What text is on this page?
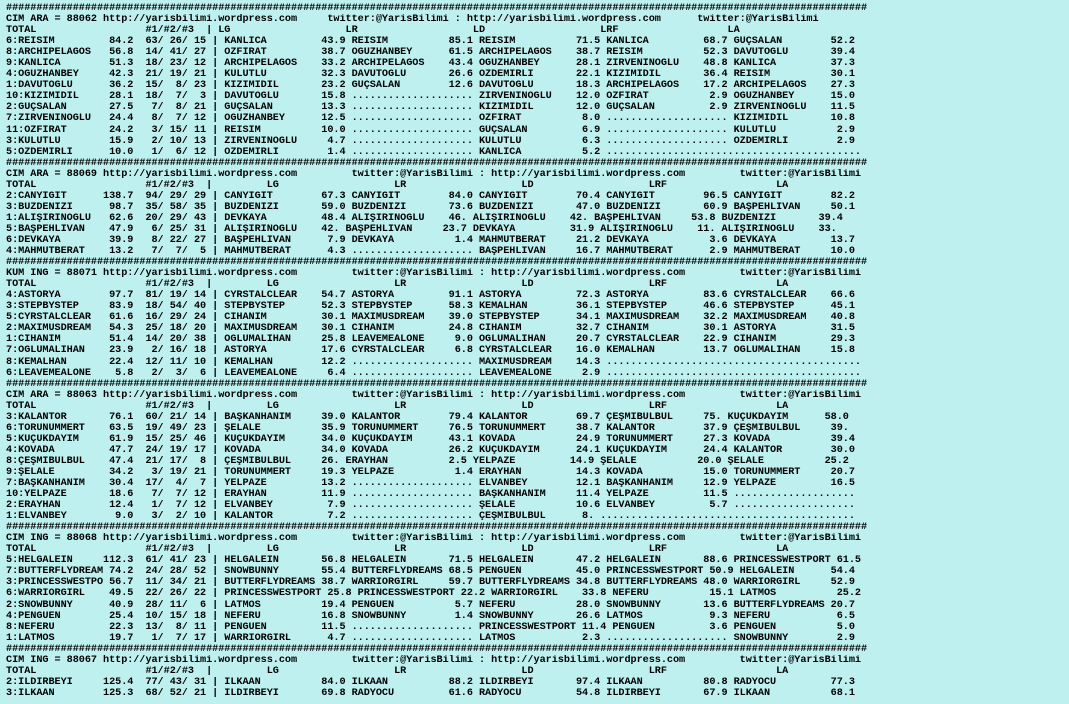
##############################################################################################################################################
CIM ARA = 88062 http://yarisbilimi.wordpress.com     twitter:@YarisBilimi : http://yarisbilimi.wordpress.com      twitter:@YarisBilimi
TOTAL                  #1/#2/#3  | LG                   LR                   LD                   LRF                  LA
6:REISİM         84.2  63/ 26/ 15 | KANLICA         43.9 REISİM          85.1 REISİM          71.5 KANLICA         68.7 GÜÇSALAN        52.2
8:ARCHIPELAGOS   56.8  14/ 41/ 27 | ÖZFIRAT         38.7 OĞUZHANBEY      61.5 ARCHIPELAGOS    38.7 REISİM          52.3 DAVUTOĞLU       39.4
9:KANLICA        51.3  18/ 23/ 12 | ARCHIPELAGOS    33.2 ARCHIPELAGOS    43.4 OĞUZHANBEY      28.1 ZİRVENİNOĞLU    48.8 KANLICA         37.3
4:OĞUZHANBEY     42.3  21/ 19/ 21 | KULUTLU         32.3 DAVUTOĞLU       26.6 ÖZDEMİRLİ       22.1 KIZIMIDIL       36.4 REISİM          30.1
1:DAVUTOĞLU      36.2  15/  8/ 23 | KIZIMIDIL       23.2 GÜÇSALAN        12.6 DAVUTOĞLU       18.3 ARCHIPELAGOS    17.2 ARCHIPELAGOS    27.3
10:KIZIMIDIL     28.1  18/  7/  3 | DAVUTOĞLU       15.8 .................... ZİRVENİNOĞLU    12.0 ÖZFIRAT          2.9 OĞUZHANBEY      15.0
2:GÜÇSALAN       27.5   7/  8/ 21 | GÜÇSALAN        13.3 .................... KIZIMIDIL       12.0 GÜÇSALAN         2.9 ZİRVENİNOĞLU    11.5
7:ZİRVENİNOĞLU   24.4   8/  7/ 12 | OĞUZHANBEY      12.5 .................... ÖZFIRAT          8.0 .................... KIZIMIDIL       10.8
11:ÖZFIRAT       24.2   3/ 15/ 11 | REISİM          10.0 .................... GÜÇSALAN         6.9 .................... KULUTLU          2.9
3:KULUTLU        15.9   2/ 10/ 13 | ZİRVENİNOĞLU     4.7 .................... KULUTLU          6.3 .................... ÖZDEMİRLİ        2.9
5:ÖZDEMİRLİ      10.0   1/  6/ 12 | ÖZDEMİRLİ        1.4 .................... KANLICA          5.2 ..........................................
##############################################################################################################################################
CIM ARA = 88069 http://yarisbilimi.wordpress.com         twitter:@YarisBilimi : http://yarisbilimi.wordpress.com         twitter:@YarisBilimi
TOTAL                  #1/#2/#3  |         LG                   LR                   LD                   LRF                  LA
2:CANYIĞIT      138.7  94/ 29/ 29 | CANYIĞIT        67.3 CANYIĞIT        84.0 CANYIĞIT        70.4 CANYIĞIT        96.5 CANYIĞIT        82.2
3:BUZDENİZİ      98.7  35/ 58/ 35 | BUZDENİZİ       59.0 BUZDENİZİ       73.6 BUZDENİZİ       47.0 BUZDENİZİ       60.9 BAŞPEHLİVAN     50.1
1:ALİŞİRİNOĞLU   62.6  20/ 29/ 43 | DEVKAYA         48.4 ALİŞİRİNOĞLU    46. ALİŞİRİNOĞLU    42. BAŞPEHLİVAN     53.8 BUZDENİZİ       39.4
5:BAŞPEHLİVAN    47.9   6/ 25/ 31 | ALİŞİRİNOĞLU    42. BAŞPEHLİVAN     23.7 DEVKAYA         31.9 ALİŞİRİNOĞLU    11. ALİŞİRİNOĞLU    33.
6:DEVKAYA        39.9   8/ 22/ 27 | BAŞPEHLİVAN      7.9 DEVKAYA          1.4 MAHMUTBERAT     21.2 DEVKAYA          3.6 DEVKAYA         13.7
4:MAHMUTBERAT    13.2   7/  7/  5 | MAHMUTBERAT      4.3 .................... BAŞPEHLİVAN     16.7 MAHMUTBERAT      2.9 MAHMUTBERAT     10.0
##############################################################################################################################################
KUM ING = 88071 http://yarisbilimi.wordpress.com         twitter:@YarisBilimi : http://yarisbilimi.wordpress.com         twitter:@YarisBilimi
TOTAL                  #1/#2/#3  |         LG                   LR                   LD                   LRF                  LA
4:ASTORYA        97.7  81/ 19/ 14 | CYRSTALCLEAR    54.7 ASTORYA         91.1 ASTORYA         72.3 ASTORYA         83.6 CYRSTALCLEAR    66.6
3:STEPBYSTEP     83.9  18/ 54/ 40 | STEPBYSTEP      52.3 STEPBYSTEP      58.3 KEMALHAN        36.1 STEPBYSTEP      46.6 STEPBYSTEP      45.1
5:CYRSTALCLEAR   61.6  16/ 29/ 24 | CİHANIM         30.1 MAXIMUSDREAM    39.0 STEPBYSTEP      34.1 MAXIMUSDREAM    32.2 MAXIMUSDREAM    40.8
2:MAXIMUSDREAM   54.3  25/ 18/ 20 | MAXIMUSDREAM    30.1 CİHANIM         24.8 CİHANIM         32.7 CİHANIM         30.1 ASTORYA         31.5
1:CİHANIM        51.4  14/ 20/ 38 | OĞLUMALİHAN     25.8 LEAVEMEALONE     9.0 OĞLUMALİHAN     20.7 CYRSTALCLEAR    22.9 CİHANIM         29.3
7:OĞLUMALİHAN    23.9   2/ 16/ 18 | ASTORYA         17.6 CYRSTALCLEAR     6.8 CYRSTALCLEAR    16.0 KEMALHAN        13.7 OĞLUMALİHAN     15.8
8:KEMALHAN       22.4  12/ 11/ 10 | KEMALHAN        12.2 .................... MAXIMUSDREAM    14.3 ..........................................
6:LEAVEMEALONE    5.8   2/  3/  6 | LEAVEMEALONE     6.4 .................... LEAVEMEALONE     2.9 ..........................................
##############################################################################################################################################
CIM ARA = 88063 http://yarisbilimi.wordpress.com         twitter:@YarisBilimi : http://yarisbilimi.wordpress.com         twitter:@YarisBilimi
TOTAL                  #1/#2/#3  |         LG                   LR                   LD                   LRF                  LA
3:KALANTOR       76.1  60/ 21/ 14 | BAŞKANHANIM     39.0 KALANTOR        79.4 KALANTOR        69.7 ÇEŞMİBÜLBÜL     75. KÜÇÜKDAYIM      58.0
6:TORUNUMMERT    63.5  19/ 49/ 23 | ŞELALE          35.9 TORUNUMMERT     76.5 TORUNUMMERT     38.7 KALANTOR        37.9 ÇEŞMİBÜLBÜL     39.
5:KÜÇÜKDAYIM     61.9  15/ 25/ 46 | KÜÇÜKDAYIM      34.0 KÜÇÜKDAYIM      43.1 KOVADA          24.9 TORUNUMMERT     27.3 KOVADA          39.4
4:KOVADA         47.7  24/ 19/ 17 | KOVADA          34.0 KOVADA          26.2 KÜÇÜKDAYIM      24.1 KÜÇÜKDAYIM      24.4 KALANTOR        30.0
8:ÇEŞMİBÜLBÜL    47.4  21/ 17/  8 | ÇEŞMİBÜLBÜL     26. ERAYHAN          2.5 YELPAZE         14.9 ŞELALE          20.0 ŞELALE          25.2
9:ŞELALE         34.2   3/ 19/ 21 | TORUNUMMERT     19.3 YELPAZE          1.4 ERAYHAN         14.3 KOVADA          15.0 TORUNUMMERT     20.7
7:BAŞKANHANIM    30.4  17/  4/  7 | YELPAZE         13.2 .................... ELVANBEY        12.1 BAŞKANHANIM     12.9 YELPAZE         16.5
10:YELPAZE       18.6   7/  7/ 12 | ERAYHAN         11.9 .................... BAŞKANHANIM     11.4 YELPAZE         11.5 ....................
2:ERAYHAN        12.4   1/  7/ 12 | ELVANBEY         7.9 .................... ŞELALE          10.6 ELVANBEY         5.7 ....................
1:ELVANBEY        9.0   3/  2/ 10 | KALANTOR         7.2 .................... ÇEŞMİBÜLBÜL      8. ..........................................
##############################################################################################################################################
CIM ING = 88068 http://yarisbilimi.wordpress.com         twitter:@YarisBilimi : http://yarisbilimi.wordpress.com         twitter:@YarisBilimi
TOTAL                  #1/#2/#3  |         LG                   LR                   LD                   LRF                  LA
5:HELGALEIN     112.3  61/ 41/ 23 | HELGALEIN       56.8 HELGALEIN       71.5 HELGALEIN       47.2 HELGALEIN       88.6 PRINCESSWESTPORT 61.5
7:BUTTERFLYDREAM 74.2  24/ 28/ 52 | SNOWBUNNY       55.4 BUTTERFLYDREAMS 68.5 PENGUEN         45.0 PRINCESSWESTPORT 50.9 HELGALEIN      54.4
3:PRINCESSWESTPO 56.7  11/ 34/ 21 | BUTTERFLYDREAMS 38.7 WARRIORGIRL     59.7 BUTTERFLYDREAMS 34.8 BUTTERFLYDREAMS 48.0 WARRIORGIRL     52.9
6:WARRIORGIRL    49.5  22/ 26/ 22 | PRINCESSWESTPORT 25.8 PRINCESSWESTPORT 22.2 WARRIORGIRL    33.8 NEFERU          15.1 LATMOS          25.2
2:SNOWBUNNY      40.9  28/ 11/  6 | LATMOS          19.4 PENGUEN          5.7 NEFERU          28.0 SNOWBUNNY       13.6 BUTTERFLYDREAMS 20.7
4:PENGUEN        25.4  10/ 15/ 18 | NEFERU          16.8 SNOWBUNNY        1.4 SNOWBUNNY       26.6 LATMOS           9.3 NEFERU           6.5
8:NEFERU         22.3  13/  8/ 11 | PENGUEN         11.5 .................... PRINCESSWESTPORT 11.4 PENGUEN         3.6 PENGUEN          5.0
1:LATMOS         19.7   1/  7/ 17 | WARRIORGIRL      4.7 .................... LATMOS           2.3 .................... SNOWBUNNY        2.9
##############################################################################################################################################
CIM ING = 88067 http://yarisbilimi.wordpress.com         twitter:@YarisBilimi : http://yarisbilimi.wordpress.com         twitter:@YarisBilimi
TOTAL                  #1/#2/#3  |         LG                   LR                   LD                   LRF                  LA
2:ILDIRBEYI     125.4  77/ 43/ 31 | İLKAAN          84.0 İLKAAN          88.2 ILDIRBEYI       97.4 İLKAAN          80.8 RADYOCU         77.3
3:İLKAAN        125.3  68/ 52/ 21 | ILDIRBEYI       69.8 RADYOCU         61.6 RADYOCU         54.8 ILDIRBEYI       67.9 İLKAAN          68.1
